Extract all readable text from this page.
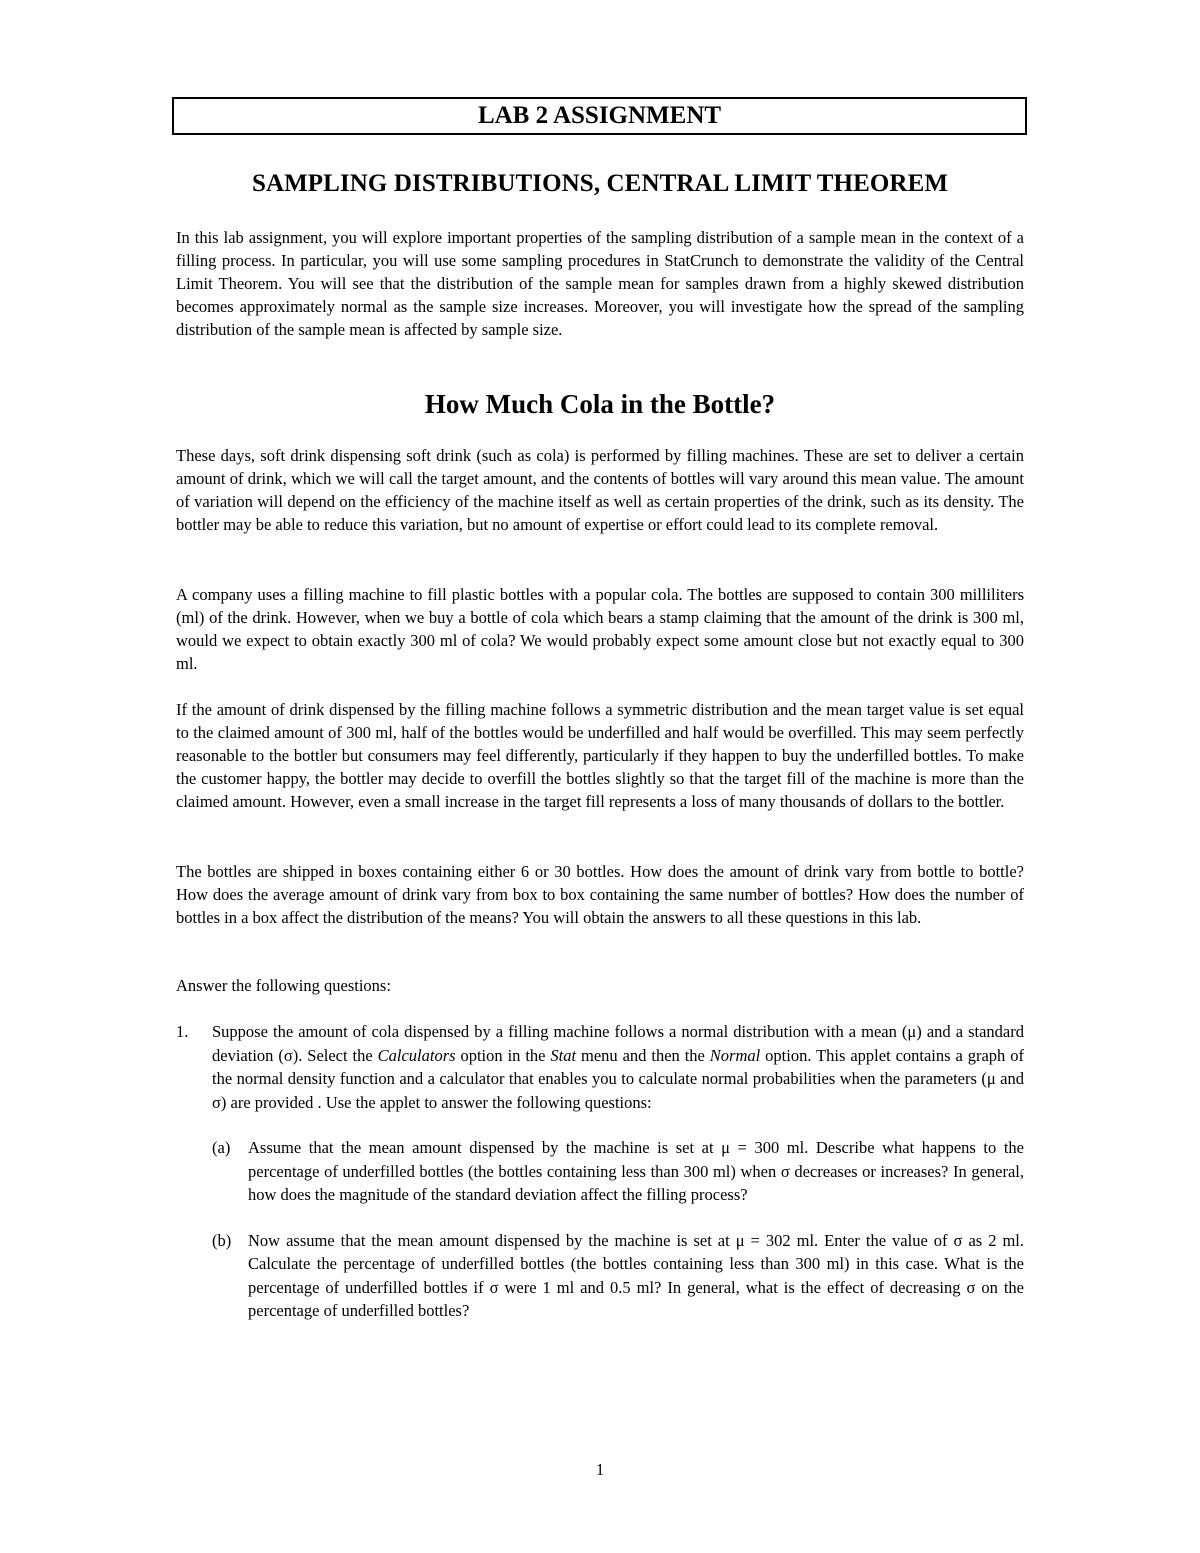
LAB 2 ASSIGNMENT
SAMPLING DISTRIBUTIONS, CENTRAL LIMIT THEOREM

In this lab assignment, you will explore important properties of the sampling distribution of a sample mean in the context of a filling process. In particular, you will use some sampling procedures in StatCrunch to demonstrate the validity of the Central Limit Theorem. You will see that the distribution of the sample mean for samples drawn from a highly skewed distribution becomes approximately normal as the sample size increases. Moreover, you will investigate how the spread of the sampling distribution of the sample mean is affected by sample size.

How Much Cola in the Bottle?

These days, soft drink dispensing soft drink (such as cola) is performed by filling machines. These are set to deliver a certain amount of drink, which we will call the target amount, and the contents of bottles will vary around this mean value. The amount of variation will depend on the efficiency of the machine itself as well as certain properties of the drink, such as its density. The bottler may be able to reduce this variation, but no amount of expertise or effort could lead to its complete removal.

A company uses a filling machine to fill plastic bottles with a popular cola. The bottles are supposed to contain 300 milliliters (ml) of the drink. However, when we buy a bottle of cola which bears a stamp claiming that the amount of the drink is 300 ml, would we expect to obtain exactly 300 ml of cola? We would probably expect some amount close but not exactly equal to 300 ml.

If the amount of drink dispensed by the filling machine follows a symmetric distribution and the mean target value is set equal to the claimed amount of 300 ml, half of the bottles would be underfilled and half would be overfilled. This may seem perfectly reasonable to the bottler but consumers may feel differently, particularly if they happen to buy the underfilled bottles. To make the customer happy, the bottler may decide to overfill the bottles slightly so that the target fill of the machine is more than the claimed amount. However, even a small increase in the target fill represents a loss of many thousands of dollars to the bottler.

The bottles are shipped in boxes containing either 6 or 30 bottles. How does the amount of drink vary from bottle to bottle? How does the average amount of drink vary from box to box containing the same number of bottles? How does the number of bottles in a box affect the distribution of the means? You will obtain the answers to all these questions in this lab.

Answer the following questions:

1. Suppose the amount of cola dispensed by a filling machine follows a normal distribution with a mean (μ) and a standard deviation (σ). Select the Calculators option in the Stat menu and then the Normal option. This applet contains a graph of the normal density function and a calculator that enables you to calculate normal probabilities when the parameters (μ and σ) are provided . Use the applet to answer the following questions:

(a) Assume that the mean amount dispensed by the machine is set at μ = 300 ml. Describe what happens to the percentage of underfilled bottles (the bottles containing less than 300 ml) when σ decreases or increases? In general, how does the magnitude of the standard deviation affect the filling process?

(b) Now assume that the mean amount dispensed by the machine is set at μ = 302 ml. Enter the value of σ as 2 ml. Calculate the percentage of underfilled bottles (the bottles containing less than 300 ml) in this case. What is the percentage of underfilled bottles if σ were 1 ml and 0.5 ml? In general, what is the effect of decreasing σ on the percentage of underfilled bottles?

1
